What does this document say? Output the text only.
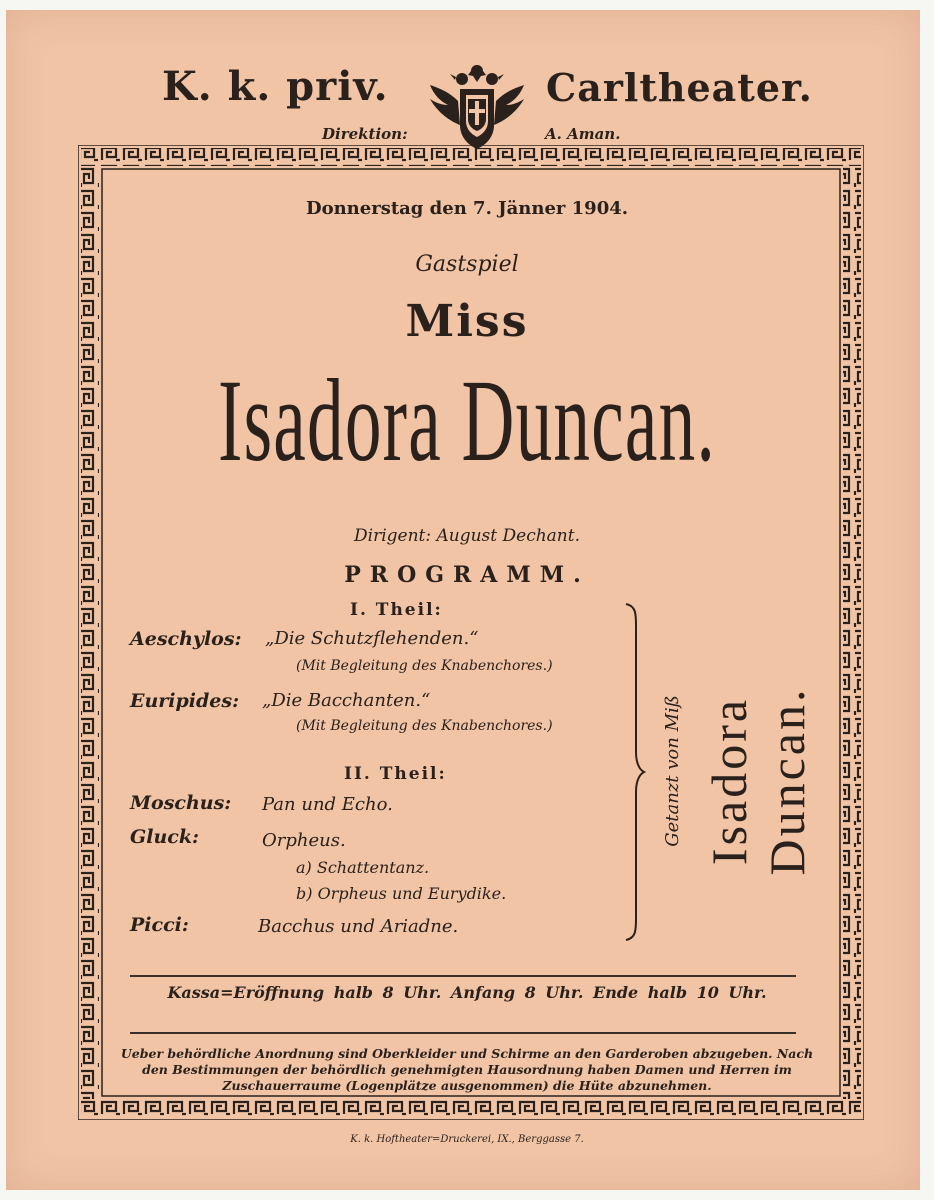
K. k. priv.	Carltheater.
Direktion:	A. Aman.
Donnerstag den 7. Jänner 1904.
Gastspiel
Miss
Isadora Duncan.
Dirigent: August Dechant.
PROGRAMM.
I. Theil:
Aeschylos: „Die Schutzflehenden.“
(Mit Begleitung des Knabenchores.)
Euripides: „Die Bacchanten.“
(Mit Begleitung des Knabenchores.)
II. Theil:
Moschus: Pan und Echo.
Gluck:	Orpheus.
a) Schattentanz.
b) Orpheus und Eurydike.
Picci:	Bacchus und Ariadne.
Getanzt von Miß Isadora Duncan.
Kassa=Eröffnung halb 8 Uhr. Anfang 8 Uhr. Ende halb 10 Uhr.
Ueber behördliche Anordnung sind Oberkleider und Schirme an den Garderoben abzugeben. Nach den Bestimmungen der behördlich genehmigten Hausordnung haben Damen und Herren im Zuschauerraume (Logenplätze ausgenommen) die Hüte abzunehmen.
K. k. Hoftheater=Druckerei, IX., Berggasse 7.
